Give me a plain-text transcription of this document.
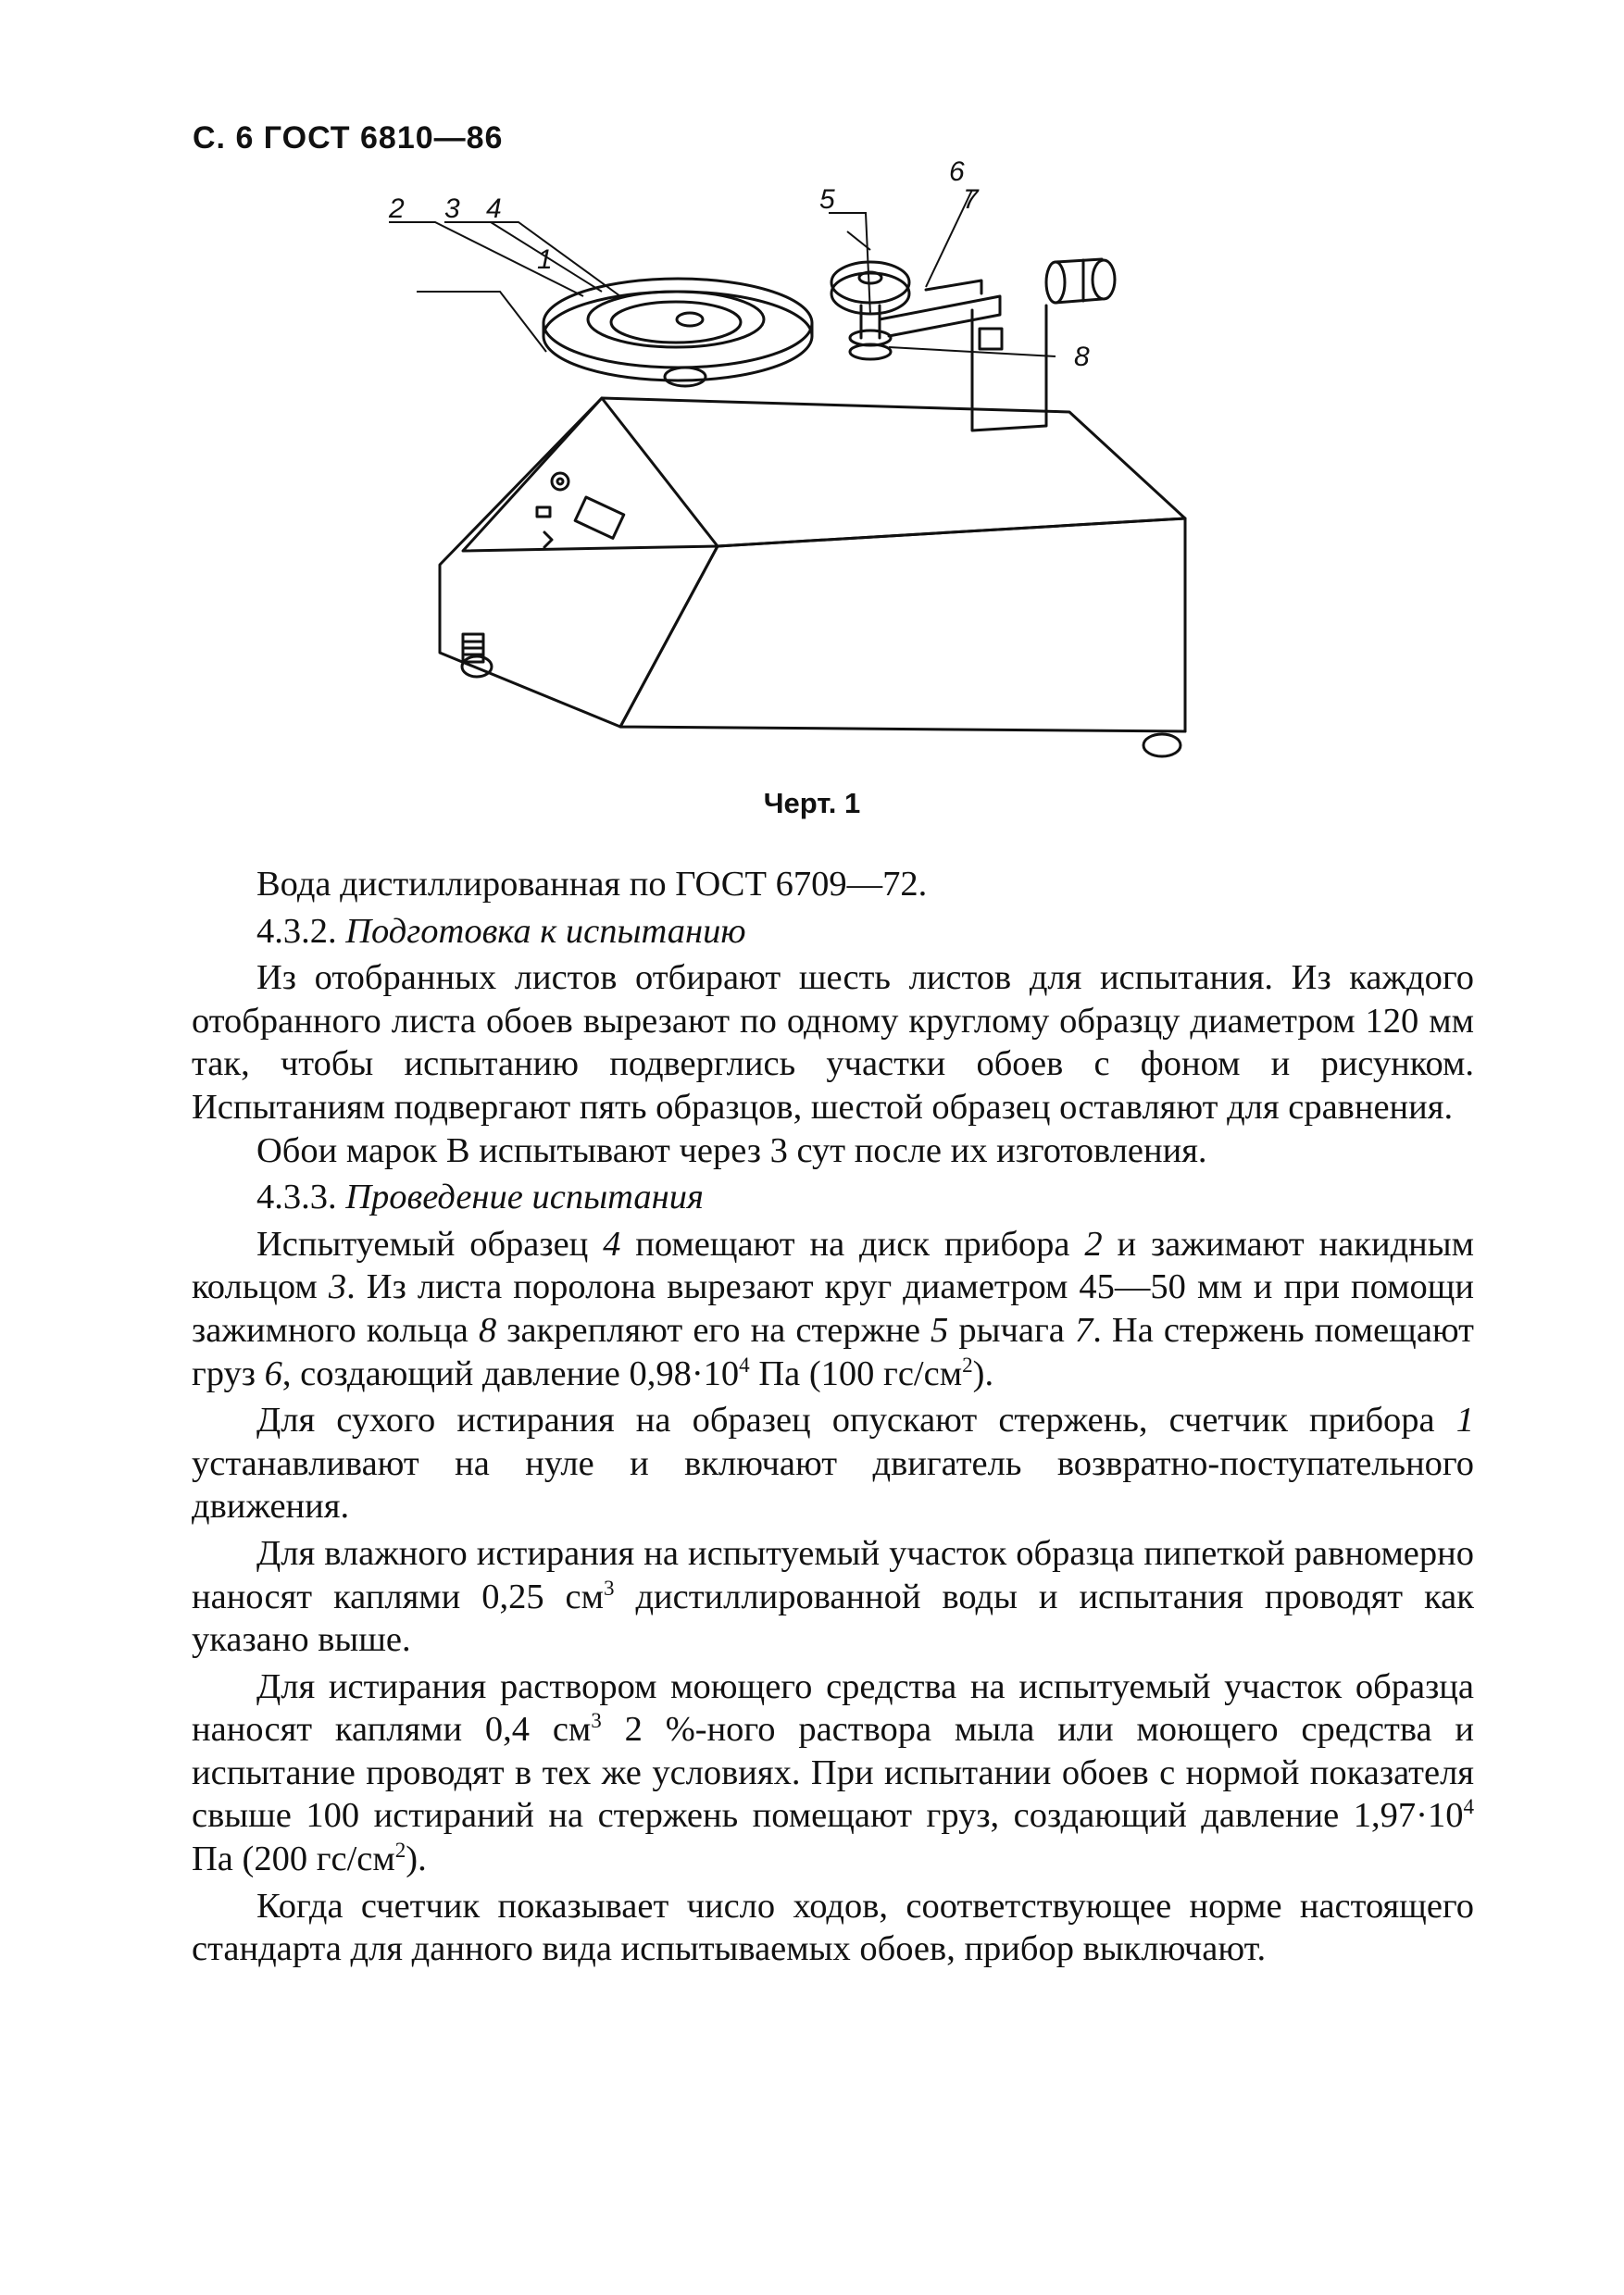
С. 6 ГОСТ 6810—86
1
2 3 4	5
6
7
8
Черт. 1

Вода дистиллированная по ГОСТ 6709—72.

4.3.2. Подготовка к испытанию

Из отобранных листов отбирают шесть листов для испытания. Из каждого отобранного листа обоев вырезают по одному круглому образцу диаметром 120 мм так, чтобы испытанию подверглись участки обоев с фоном и рисунком. Испытаниям подвергают пять образцов, шестой образец оставляют для сравнения.

Обои марок В испытывают через 3 сут после их изготовления.

4.3.3. Проведение испытания

Испытуемый образец 4 помещают на диск прибора 2 и зажимают накидным кольцом 3. Из листа поролона вырезают круг диаметром 45—50 мм и при помощи зажимного кольца 8 закрепляют его на стержне 5 рычага 7. На стержень помещают груз 6, создающий давление $0,98\cdot 10^4$ Па (100 $гс/см^2$).

Для сухого истирания на образец опускают стержень, счетчик прибора 1 устанавливают на нуле и включают двигатель возвратно-поступательного движения.

Для влажного истирания на испытуемый участок образца пипеткой равномерно наносят каплями 0,25 $см^3$ дистиллированной воды и испытания проводят как указано выше.

Для истирания раствором моющего средства на испытуемый участок образца наносят каплями 0,4 $см^3$ 2 %-ного раствора мыла или моющего средства и испытание проводят в тех же условиях. При испытании обоев с нормой показателя свыше 100 истираний на стержень помещают груз, создающий давление $1,97\cdot 10^4$ Па (200 $гс/см^2$).

Когда счетчик показывает число ходов, соответствующее норме настоящего стандарта для данного вида испытываемых обоев, прибор выключают.
